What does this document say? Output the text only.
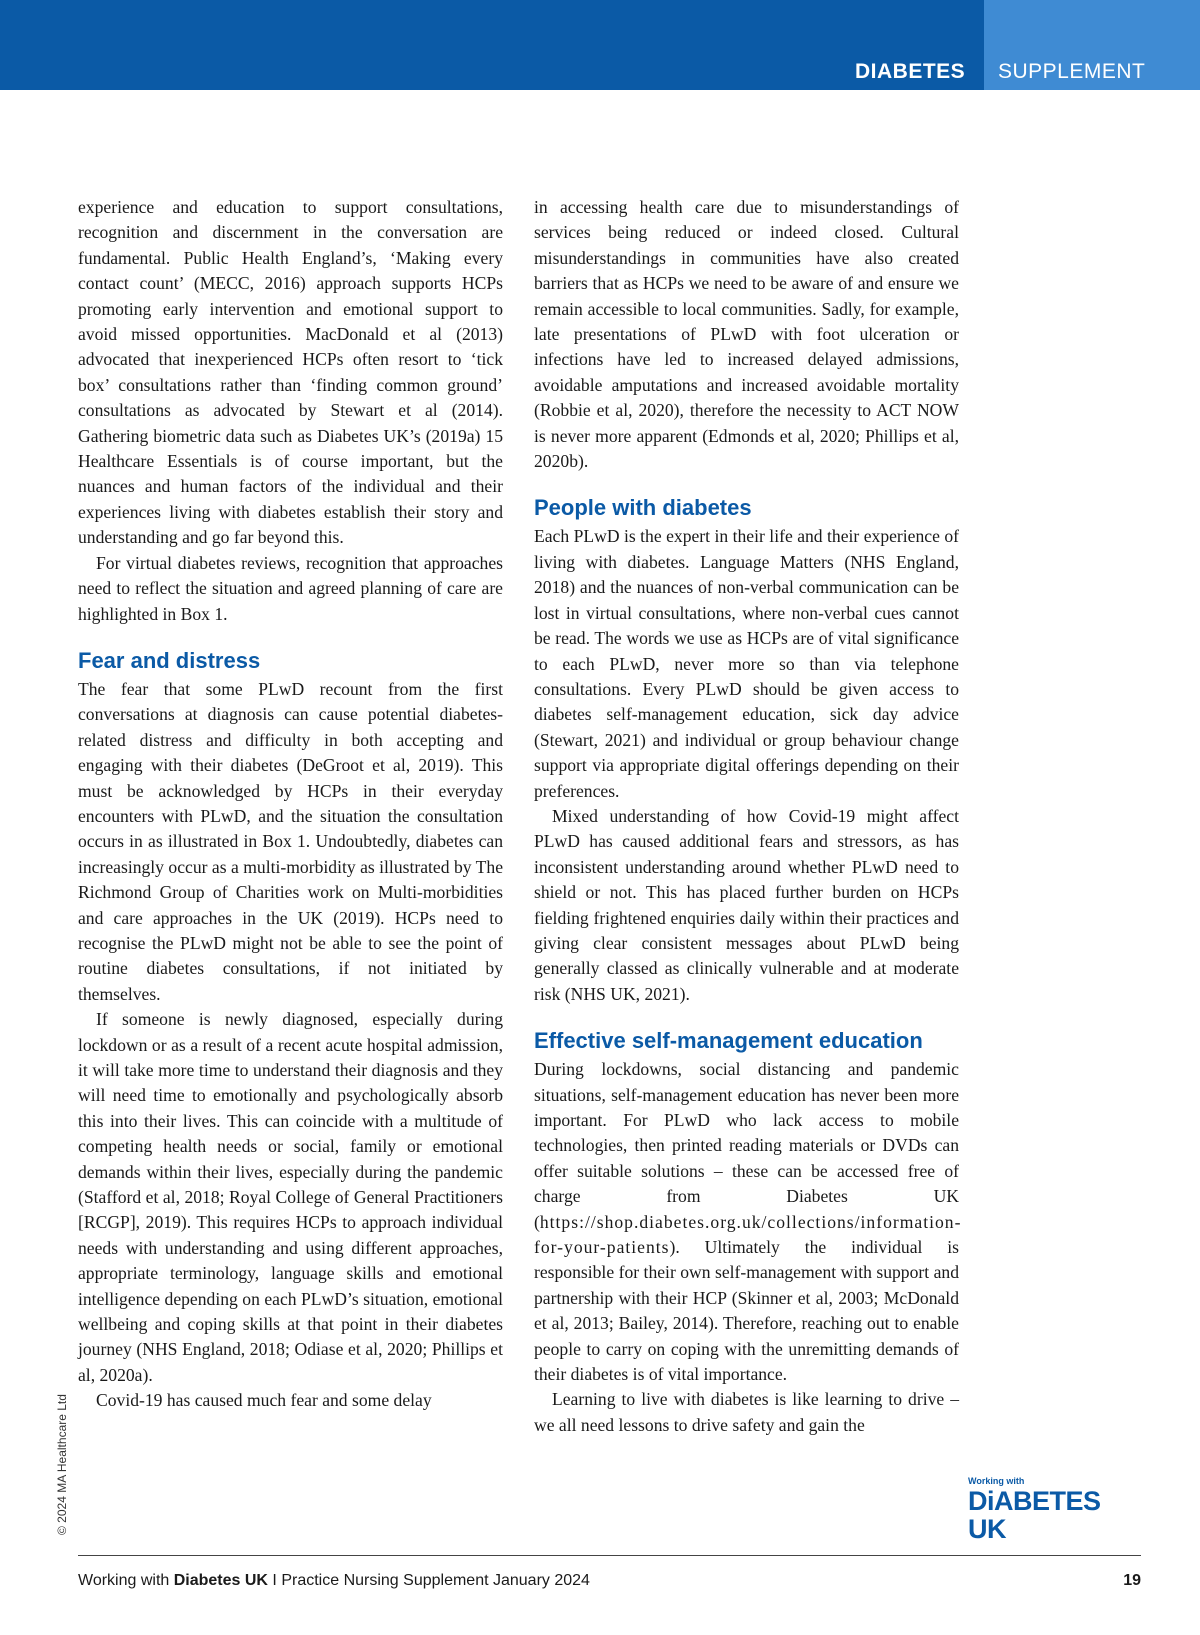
DIABETES SUPPLEMENT

experience and education to support consultations, recognition and discernment in the conversation are fundamental. Public Health England’s, ‘Making every contact count’ (MECC, 2016) approach supports HCPs promoting early intervention and emotional support to avoid missed opportunities. MacDonald et al (2013) advocated that inexperienced HCPs often resort to ‘tick box’ consultations rather than ‘finding common ground’ consultations as advocated by Stewart et al (2014). Gathering biometric data such as Diabetes UK’s (2019a) 15 Healthcare Essentials is of course important, but the nuances and human factors of the individual and their experiences living with diabetes establish their story and understanding and go far beyond this.

For virtual diabetes reviews, recognition that approaches need to reflect the situation and agreed planning of care are highlighted in Box 1.

Fear and distress

The fear that some PLwD recount from the first conversations at diagnosis can cause potential diabetes-related distress and difficulty in both accepting and engaging with their diabetes (DeGroot et al, 2019). This must be acknowledged by HCPs in their everyday encounters with PLwD, and the situation the consultation occurs in as illustrated in Box 1. Undoubtedly, diabetes can increasingly occur as a multi-morbidity as illustrated by The Richmond Group of Charities work on Multi-morbidities and care approaches in the UK (2019). HCPs need to recognise the PLwD might not be able to see the point of routine diabetes consultations, if not initiated by themselves.

If someone is newly diagnosed, especially during lockdown or as a result of a recent acute hospital admission, it will take more time to understand their diagnosis and they will need time to emotionally and psychologically absorb this into their lives. This can coincide with a multitude of competing health needs or social, family or emotional demands within their lives, especially during the pandemic (Stafford et al, 2018; Royal College of General Practitioners [RCGP], 2019). This requires HCPs to approach individual needs with understanding and using different approaches, appropriate terminology, language skills and emotional intelligence depending on each PLwD’s situation, emotional wellbeing and coping skills at that point in their diabetes journey (NHS England, 2018; Odiase et al, 2020; Phillips et al, 2020a).

Covid-19 has caused much fear and some delay

in accessing health care due to misunderstandings of services being reduced or indeed closed. Cultural misunderstandings in communities have also created barriers that as HCPs we need to be aware of and ensure we remain accessible to local communities. Sadly, for example, late presentations of PLwD with foot ulceration or infections have led to increased delayed admissions, avoidable amputations and increased avoidable mortality (Robbie et al, 2020), therefore the necessity to ACT NOW is never more apparent (Edmonds et al, 2020; Phillips et al, 2020b).

People with diabetes

Each PLwD is the expert in their life and their experience of living with diabetes. Language Matters (NHS England, 2018) and the nuances of non-verbal communication can be lost in virtual consultations, where non-verbal cues cannot be read. The words we use as HCPs are of vital significance to each PLwD, never more so than via telephone consultations. Every PLwD should be given access to diabetes self-management education, sick day advice (Stewart, 2021) and individual or group behaviour change support via appropriate digital offerings depending on their preferences.

Mixed understanding of how Covid-19 might affect PLwD has caused additional fears and stressors, as has inconsistent understanding around whether PLwD need to shield or not. This has placed further burden on HCPs fielding frightened enquiries daily within their practices and giving clear consistent messages about PLwD being generally classed as clinically vulnerable and at moderate risk (NHS UK, 2021).

Effective self-management education

During lockdowns, social distancing and pandemic situations, self-management education has never been more important. For PLwD who lack access to mobile technologies, then printed reading materials or DVDs can offer suitable solutions – these can be accessed free of charge from Diabetes UK (https://shop.diabetes.org.uk/collections/information-for-your-patients). Ultimately the individual is responsible for their own self-management with support and partnership with their HCP (Skinner et al, 2003; McDonald et al, 2013; Bailey, 2014). Therefore, reaching out to enable people to carry on coping with the unremitting demands of their diabetes is of vital importance.

Learning to live with diabetes is like learning to drive – we all need lessons to drive safety and gain the

© 2024 MA Healthcare Ltd	Working with
DiABETES UK
Working with Diabetes UK I Practice Nursing Supplement January 2024	19
